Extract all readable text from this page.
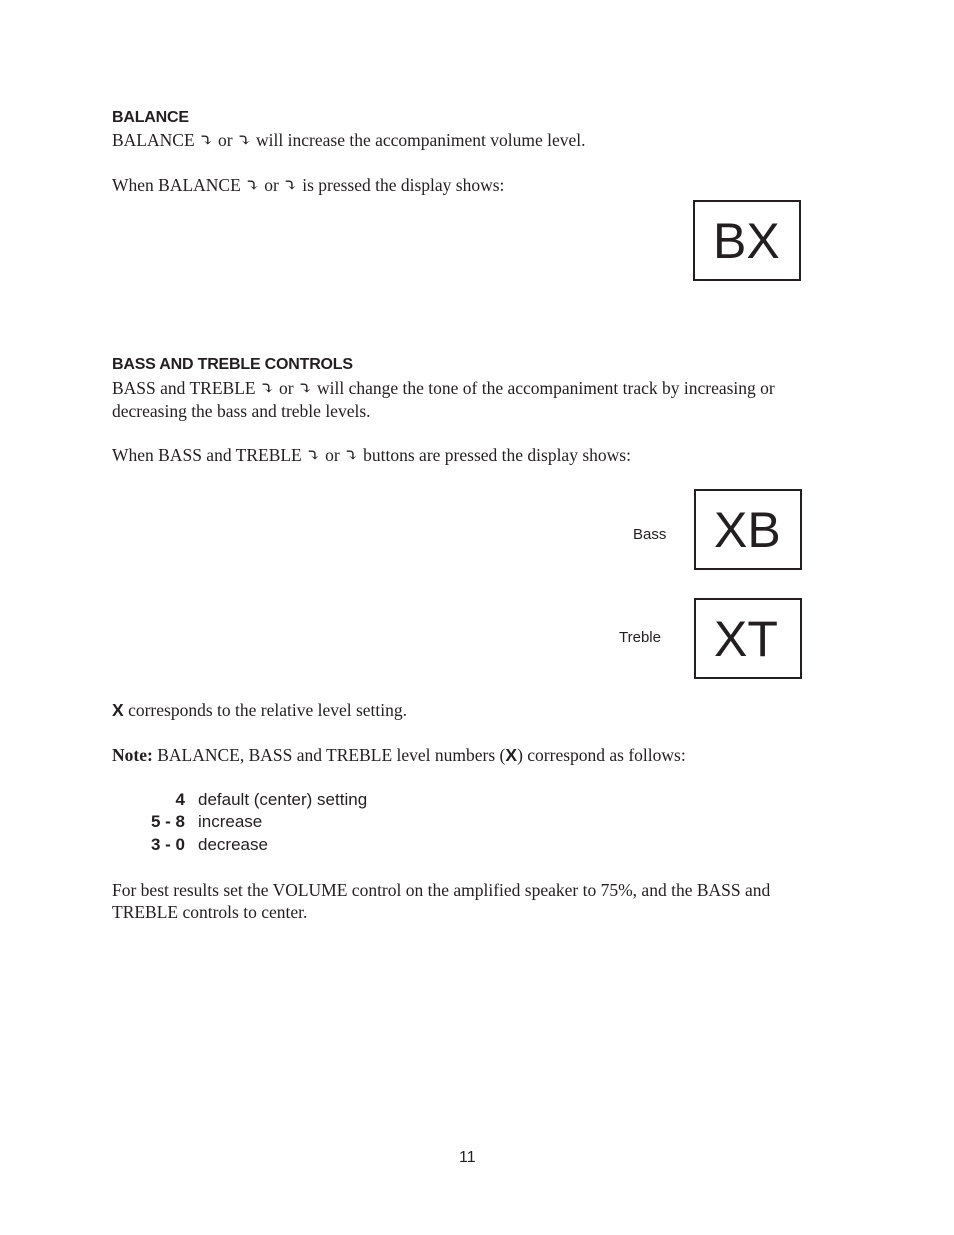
BALANCE
BALANCE ⤵ or ⤵ will increase the accompaniment volume level.
When BALANCE ⤵ or ⤵ is pressed the display shows:
BX
BASS AND TREBLE CONTROLS
BASS and TREBLE ⤵ or ⤵ will change the tone of the accompaniment track by increasing or
decreasing the bass and treble levels.
When BASS and TREBLE ⤵ or ⤵ buttons are pressed the display shows:
Bass XB
Treble XT
X corresponds to the relative level setting.
Note: BALANCE, BASS and TREBLE level numbers (X) correspond as follows:
4 default (center) setting
5 - 8 increase
3 - 0 decrease
For best results set the VOLUME control on the amplified speaker to 75%, and the BASS and
TREBLE controls to center.
11
